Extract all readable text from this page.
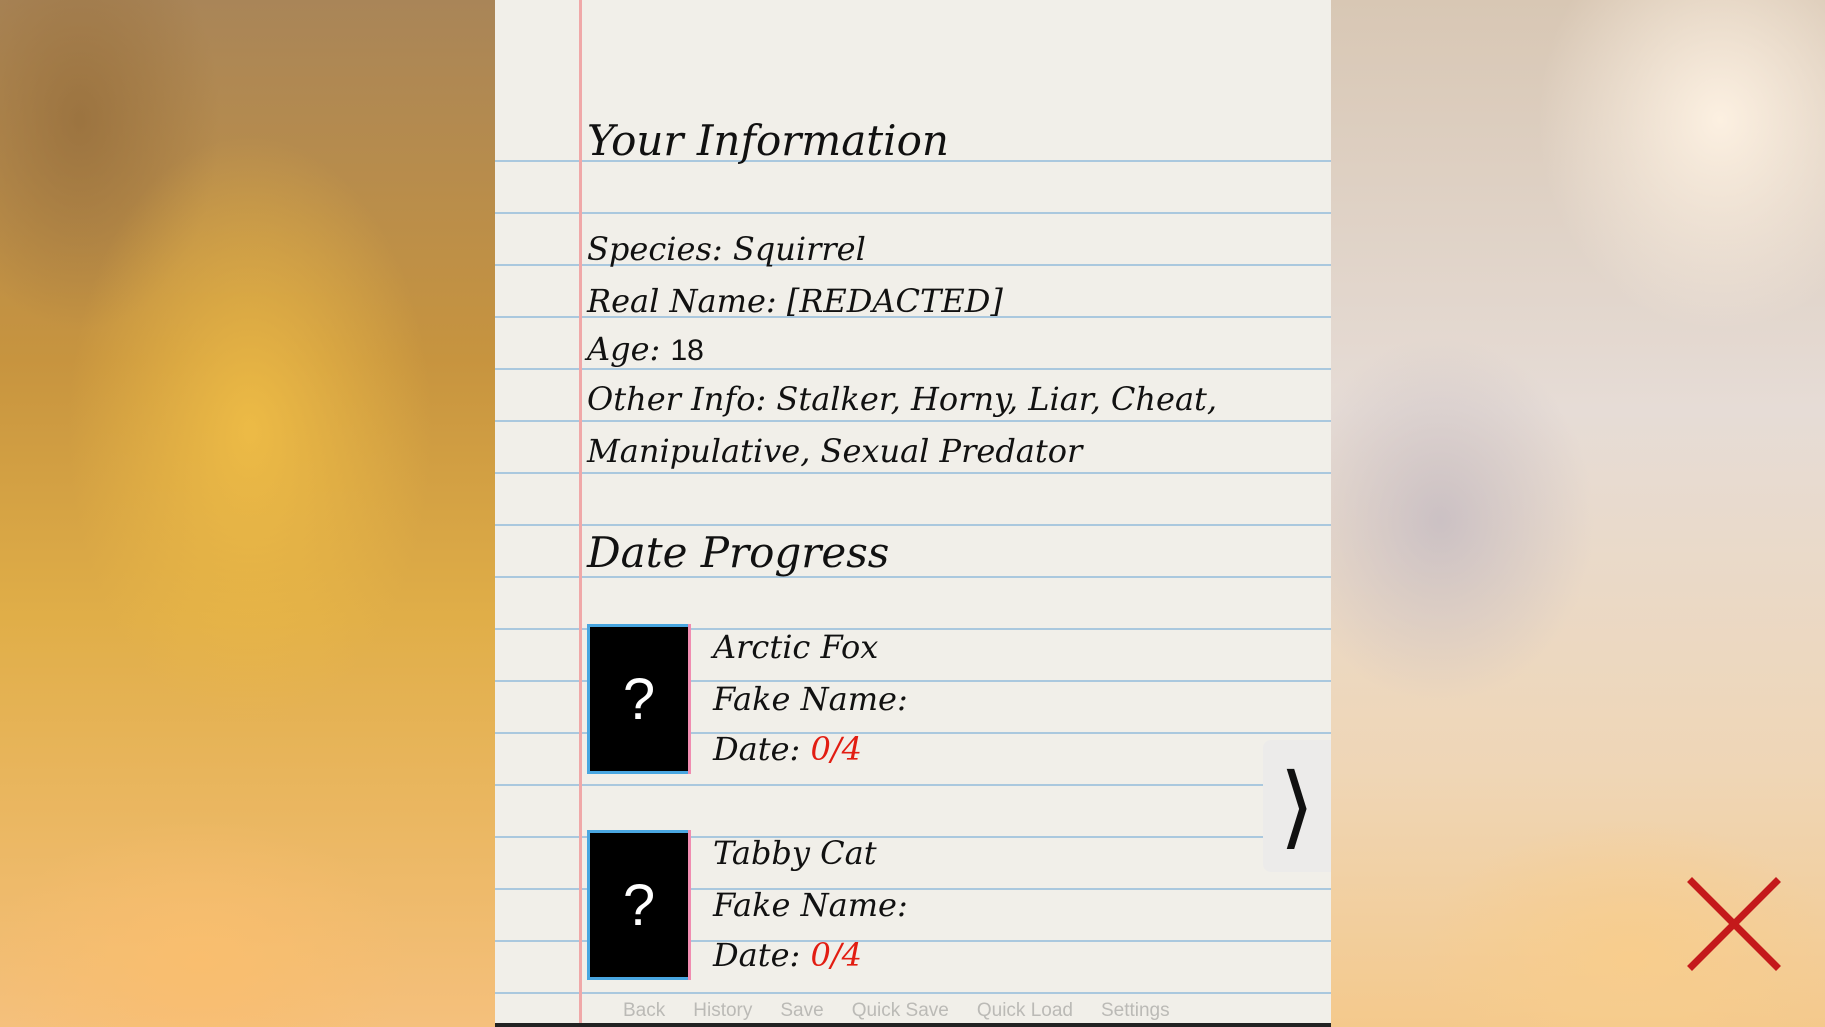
Your Information
Species: Squirrel
Real Name: [REDACTED]
Age: 18
Other Info: Stalker, Horny, Liar, Cheat,
Manipulative, Sexual Predator
Date Progress
?
Arctic Fox
Fake Name:
Date: 0/4
?
Tabby Cat
Fake Name:
Date: 0/4
⟩
Back History Save Quick Save Quick Load Settings
